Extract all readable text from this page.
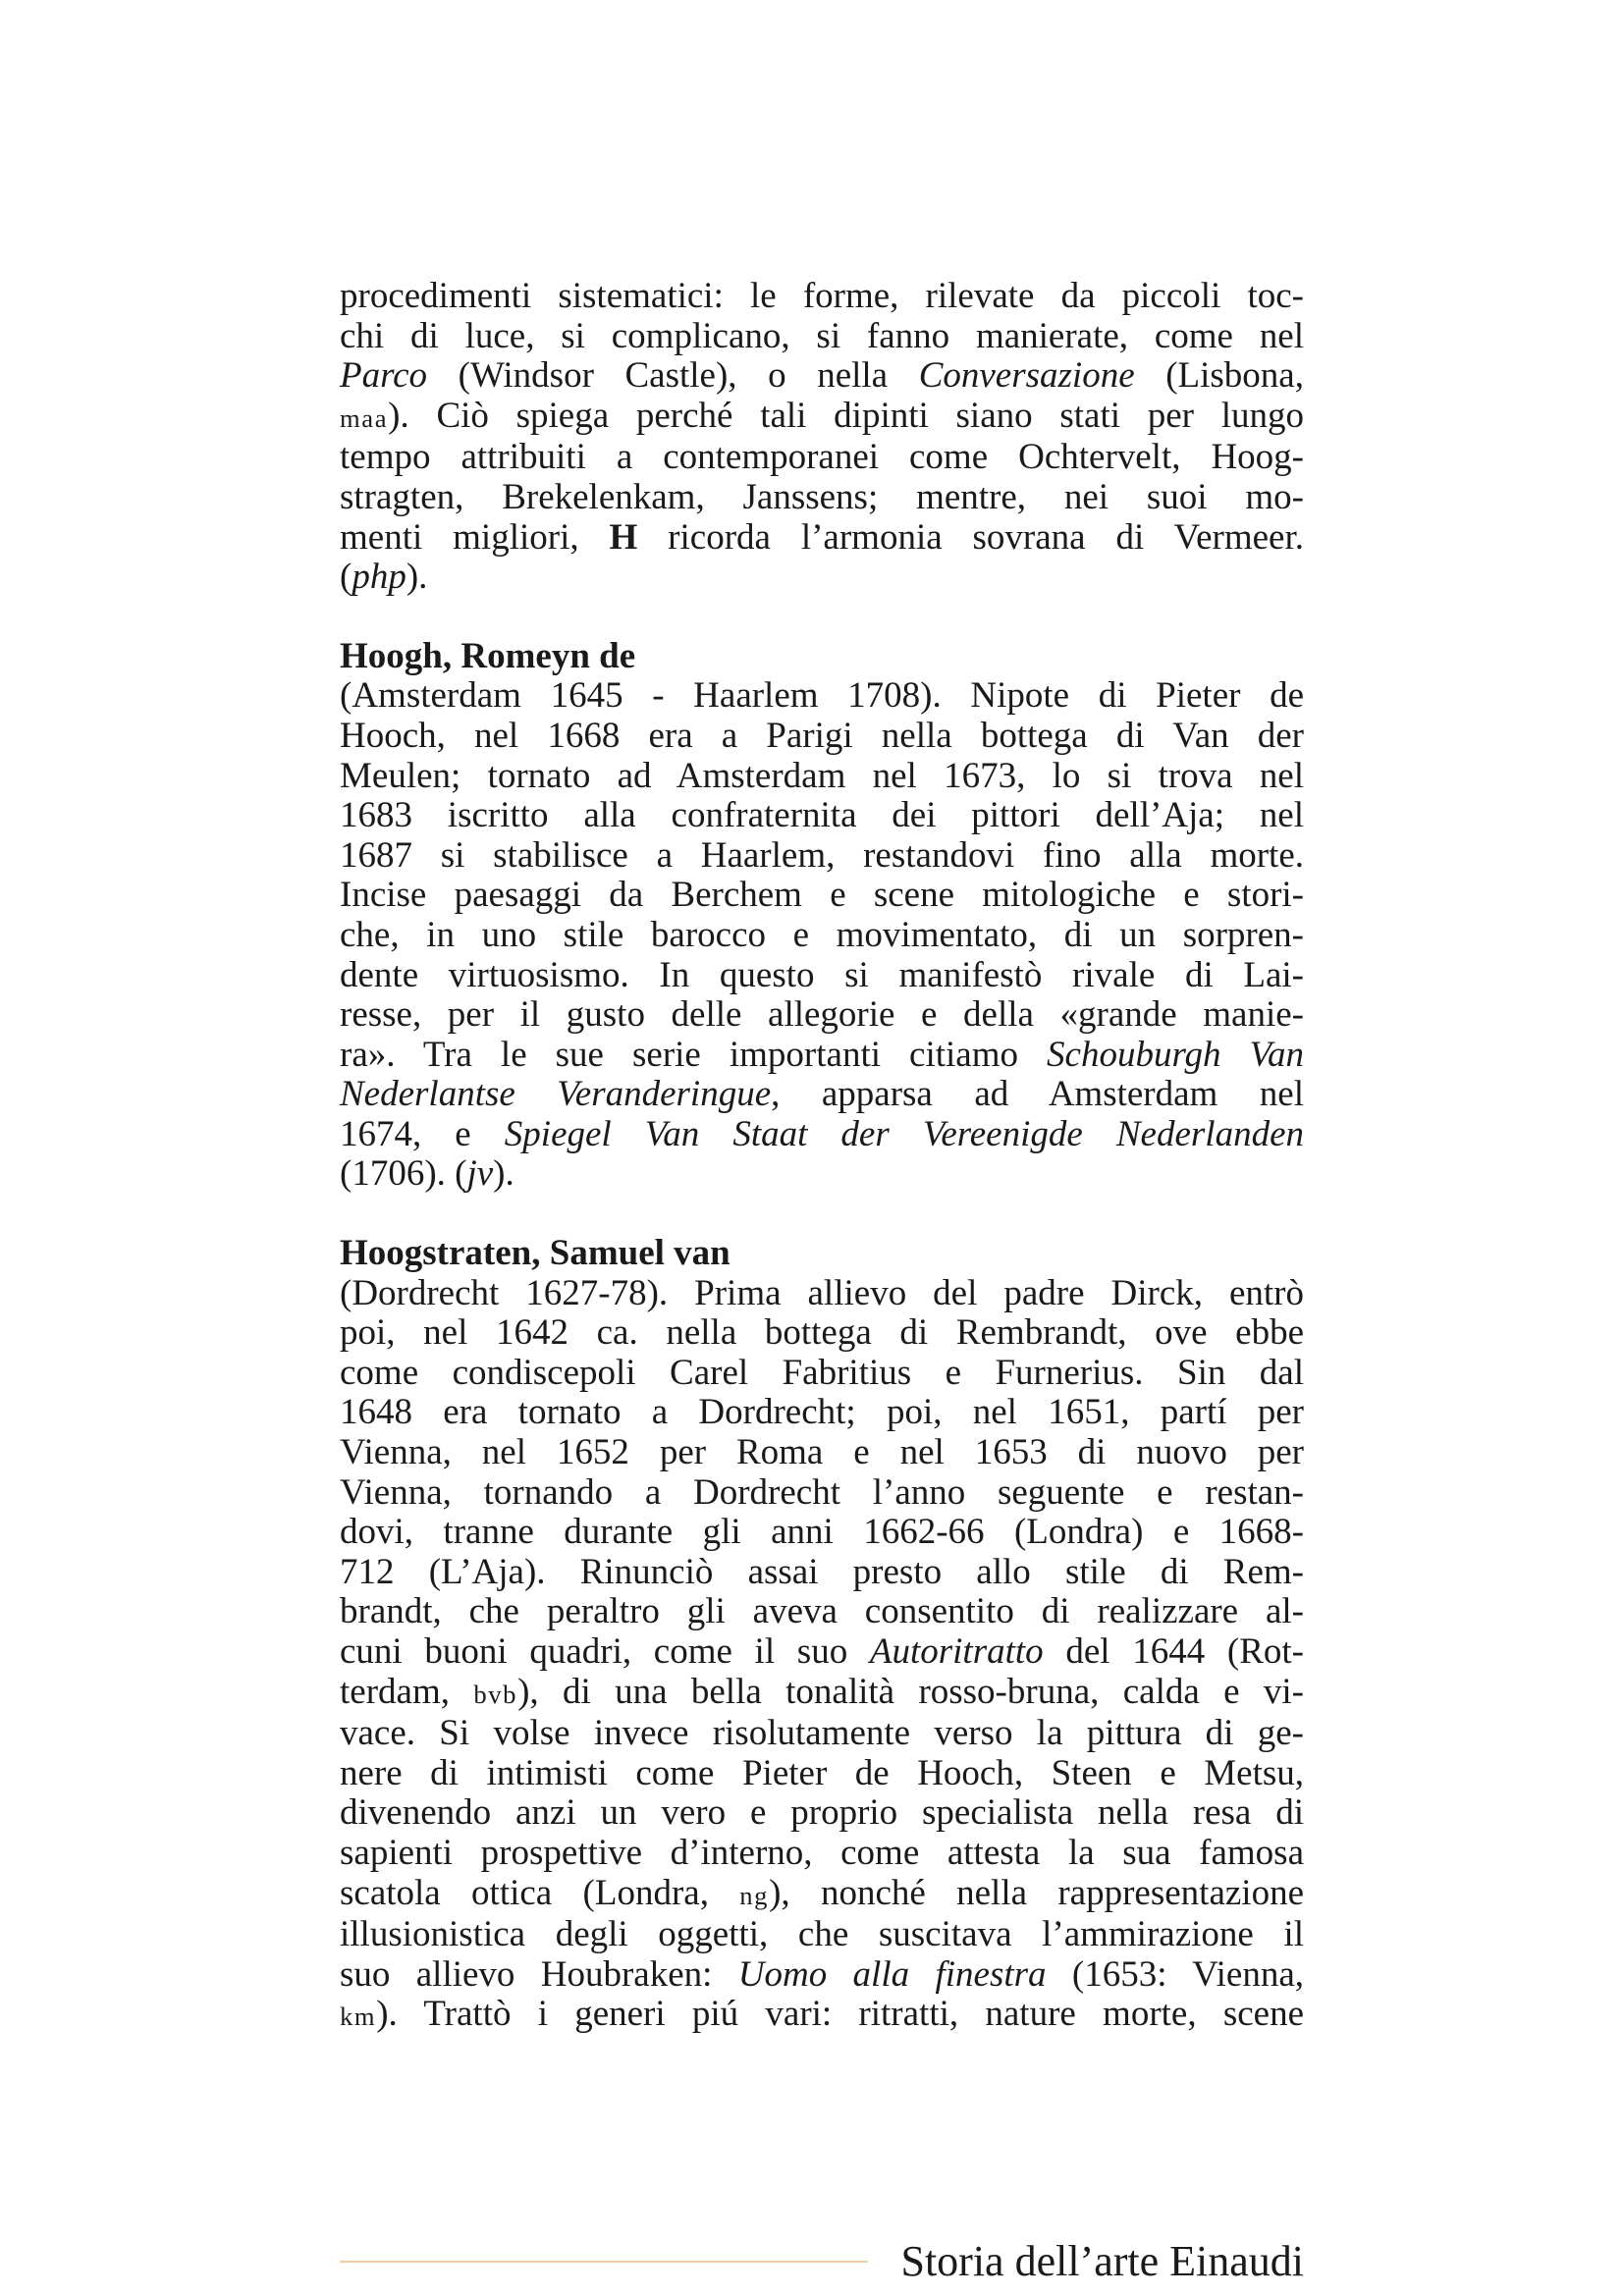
procedimenti sistematici: le forme, rilevate da piccoli toc-
chi di luce, si complicano, si fanno manierate, come nel
Parco (Windsor Castle), o nella Conversazione (Lisbona,
maa). Ciò spiega perché tali dipinti siano stati per lungo
tempo attribuiti a contemporanei come Ochtervelt, Hoog-
stragten, Brekelenkam, Janssens; mentre, nei suoi mo-
menti migliori, H ricorda l’armonia sovrana di Vermeer.
(php).
Hoogh, Romeyn de
(Amsterdam 1645 - Haarlem 1708). Nipote di Pieter de
Hooch, nel 1668 era a Parigi nella bottega di Van der
Meulen; tornato ad Amsterdam nel 1673, lo si trova nel
1683 iscritto alla confraternita dei pittori dell’Aja; nel
1687 si stabilisce a Haarlem, restandovi fino alla morte.
Incise paesaggi da Berchem e scene mitologiche e stori-
che, in uno stile barocco e movimentato, di un sorpren-
dente virtuosismo. In questo si manifestò rivale di Lai-
resse, per il gusto delle allegorie e della «grande manie-
ra». Tra le sue serie importanti citiamo Schouburgh Van
Nederlantse Veranderingue, apparsa ad Amsterdam nel
1674, e Spiegel Van Staat der Vereenigde Nederlanden
(1706). (jv).
Hoogstraten, Samuel van
(Dordrecht 1627-78). Prima allievo del padre Dirck, entrò
poi, nel 1642 ca. nella bottega di Rembrandt, ove ebbe
come condiscepoli Carel Fabritius e Furnerius. Sin dal
1648 era tornato a Dordrecht; poi, nel 1651, partí per
Vienna, nel 1652 per Roma e nel 1653 di nuovo per
Vienna, tornando a Dordrecht l’anno seguente e restan-
dovi, tranne durante gli anni 1662-66 (Londra) e 1668-
712 (L’Aja). Rinunciò assai presto allo stile di Rem-
brandt, che peraltro gli aveva consentito di realizzare al-
cuni buoni quadri, come il suo Autoritratto del 1644 (Rot-
terdam, bvb), di una bella tonalità rosso-bruna, calda e vi-
vace. Si volse invece risolutamente verso la pittura di ge-
nere di intimisti come Pieter de Hooch, Steen e Metsu,
divenendo anzi un vero e proprio specialista nella resa di
sapienti prospettive d’interno, come attesta la sua famosa
scatola ottica (Londra, ng), nonché nella rappresentazione
illusionistica degli oggetti, che suscitava l’ammirazione il
suo allievo Houbraken: Uomo alla finestra (1653: Vienna,
km). Trattò i generi piú vari: ritratti, nature morte, scene
Storia dell’arte Einaudi
